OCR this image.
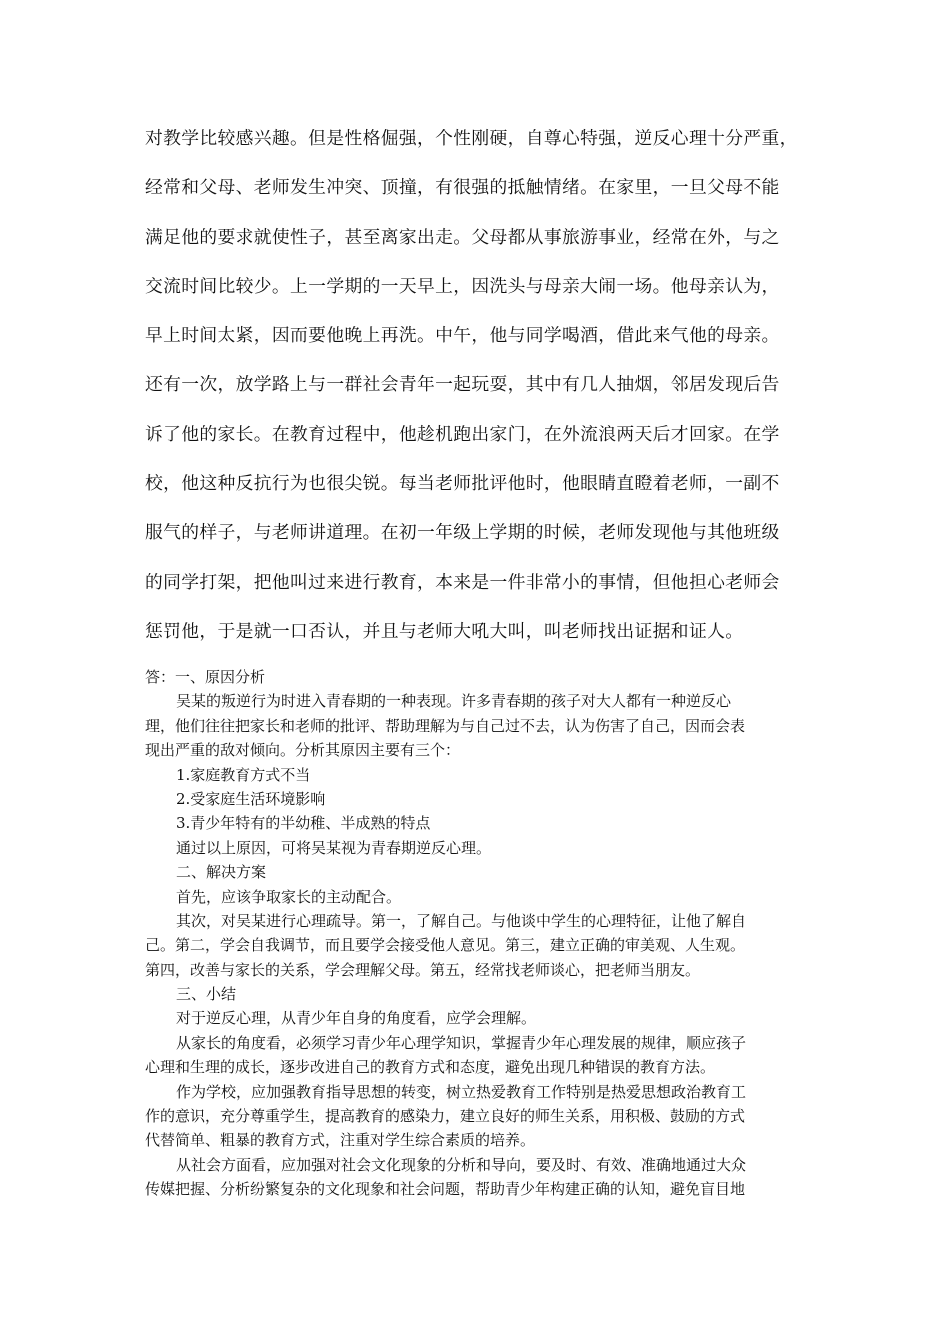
对教学比较感兴趣。但是性格倔强，个性刚硬，自尊心特强，逆反心理十分严重，
经常和父母、老师发生冲突、顶撞，有很强的抵触情绪。在家里，一旦父母不能
满足他的要求就使性子，甚至离家出走。父母都从事旅游事业，经常在外，与之
交流时间比较少。上一学期的一天早上，因洗头与母亲大闹一场。他母亲认为，
早上时间太紧，因而要他晚上再洗。中午，他与同学喝酒，借此来气他的母亲。
还有一次，放学路上与一群社会青年一起玩耍，其中有几人抽烟，邻居发现后告
诉了他的家长。在教育过程中，他趁机跑出家门，在外流浪两天后才回家。在学
校，他这种反抗行为也很尖锐。每当老师批评他时，他眼睛直瞪着老师，一副不
服气的样子，与老师讲道理。在初一年级上学期的时候，老师发现他与其他班级
的同学打架，把他叫过来进行教育，本来是一件非常小的事情，但他担心老师会
惩罚他，于是就一口否认，并且与老师大吼大叫，叫老师找出证据和证人。
答：一、原因分析
吴某的叛逆行为时进入青春期的一种表现。许多青春期的孩子对大人都有一种逆反心
理，他们往往把家长和老师的批评、帮助理解为与自己过不去，认为伤害了自己，因而会表
现出严重的敌对倾向。分析其原因主要有三个：
1.家庭教育方式不当
2.受家庭生活环境影响
3.青少年特有的半幼稚、半成熟的特点
通过以上原因，可将吴某视为青春期逆反心理。
二、解决方案
首先，应该争取家长的主动配合。
其次，对吴某进行心理疏导。第一，了解自己。与他谈中学生的心理特征，让他了解自
己。第二，学会自我调节，而且要学会接受他人意见。第三，建立正确的审美观、人生观。
第四，改善与家长的关系，学会理解父母。第五，经常找老师谈心，把老师当朋友。
三、小结
对于逆反心理，从青少年自身的角度看，应学会理解。
从家长的角度看，必须学习青少年心理学知识，掌握青少年心理发展的规律，顺应孩子
心理和生理的成长，逐步改进自己的教育方式和态度，避免出现几种错误的教育方法。
作为学校，应加强教育指导思想的转变，树立热爱教育工作特别是热爱思想政治教育工
作的意识，充分尊重学生，提高教育的感染力，建立良好的师生关系，用积极、鼓励的方式
代替简单、粗暴的教育方式，注重对学生综合素质的培养。
从社会方面看，应加强对社会文化现象的分析和导向，要及时、有效、准确地通过大众
传媒把握、分析纷繁复杂的文化现象和社会问题，帮助青少年构建正确的认知，避免盲目地
